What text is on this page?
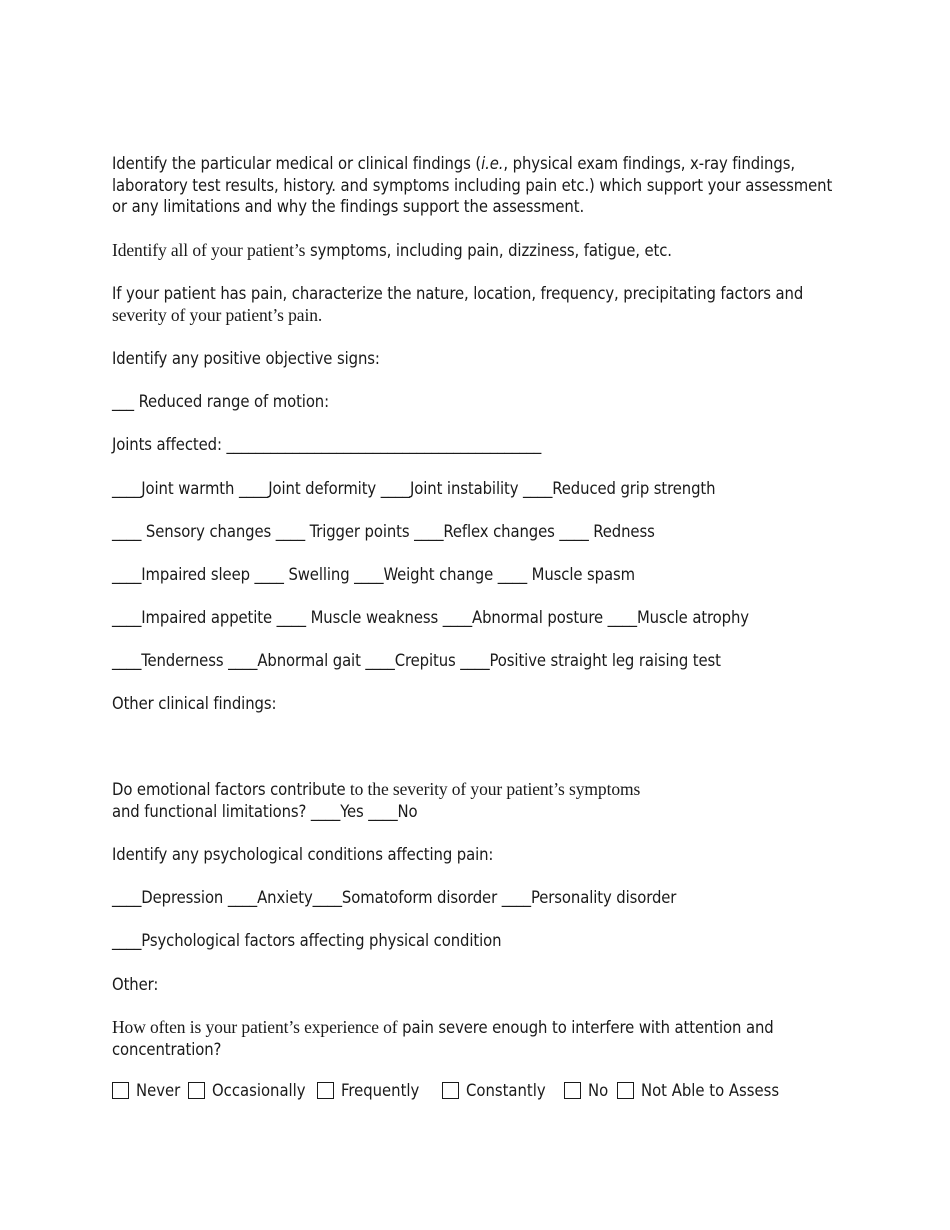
Identify the particular medical or clinical findings (i.e., physical exam findings, x-ray findings,
laboratory test results, history. and symptoms including pain etc.) which support your assessment
or any limitations and why the findings support the assessment.
Identify all of your patient’s symptoms, including pain, dizziness, fatigue, etc.
If your patient has pain, characterize the nature, location, frequency, precipitating factors and
severity of your patient’s pain.
Identify any positive objective signs:
___ Reduced range of motion:
Joints affected: ___________________________________________
____Joint warmth ____Joint deformity ____Joint instability ____Reduced grip strength
____ Sensory changes ____ Trigger points ____Reflex changes ____ Redness
____Impaired sleep ____ Swelling ____Weight change ____ Muscle spasm
____Impaired appetite ____ Muscle weakness ____Abnormal posture ____Muscle atrophy
____Tenderness ____Abnormal gait ____Crepitus ____Positive straight leg raising test
Other clinical findings:
Do emotional factors contribute to the severity of your patient’s symptoms
and functional limitations? ____Yes ____No
Identify any psychological conditions affecting pain:
____Depression ____Anxiety____Somatoform disorder ____Personality disorder
____Psychological factors affecting physical condition
Other:
How often is your patient’s experience of pain severe enough to interfere with attention and
concentration?
Never	Occasionally	Frequently	Constantly	No	Not Able to Assess
